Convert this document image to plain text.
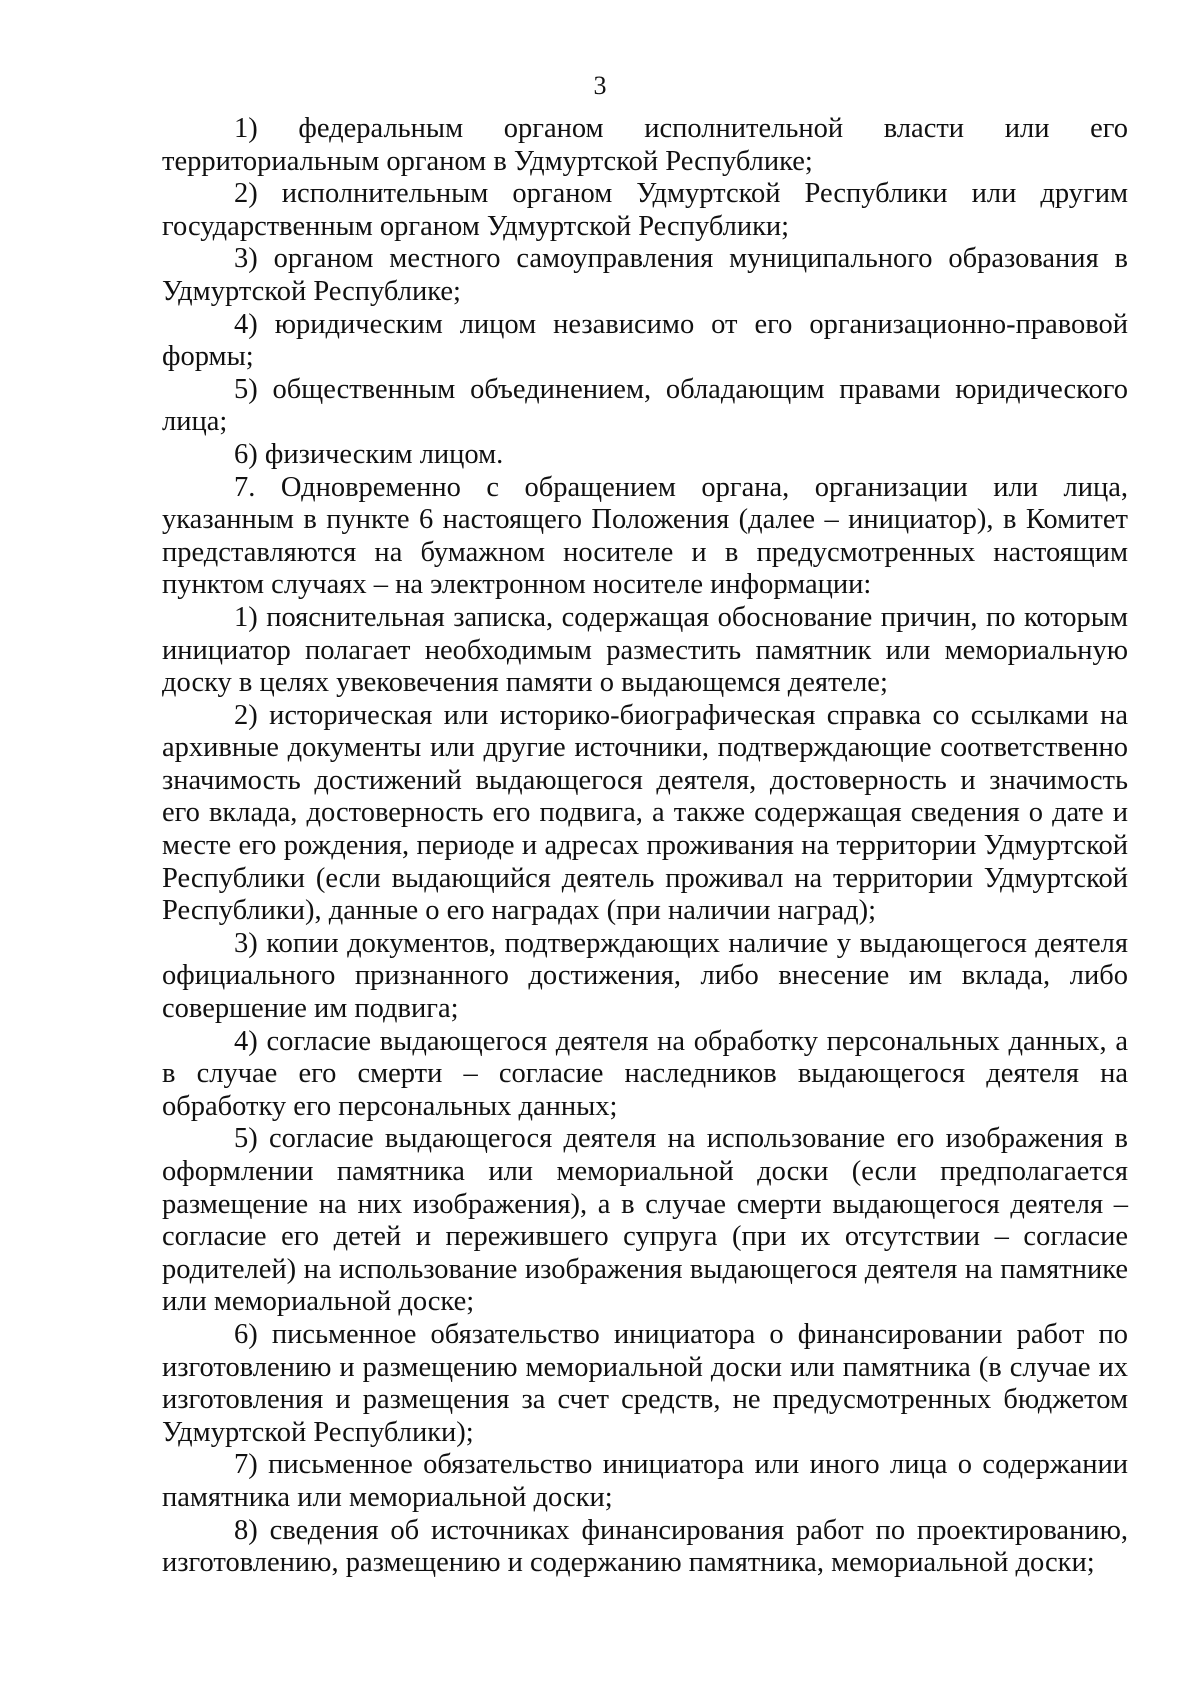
3

1) федеральным органом исполнительной власти или его территориальным органом в Удмуртской Республике;

2) исполнительным органом Удмуртской Республики или другим государственным органом Удмуртской Республики;

3) органом местного самоуправления муниципального образования в Удмуртской Республике;

4) юридическим лицом независимо от его организационно-правовой формы;

5) общественным объединением, обладающим правами юридического лица;

6) физическим лицом.

7. Одновременно с обращением органа, организации или лица, указанным в пункте 6 настоящего Положения (далее – инициатор), в Комитет представляются на бумажном носителе и в предусмотренных настоящим пунктом случаях – на электронном носителе информации:

1) пояснительная записка, содержащая обоснование причин, по которым инициатор полагает необходимым разместить памятник или мемориальную доску в целях увековечения памяти о выдающемся деятеле;

2) историческая или историко-биографическая справка со ссылками на архивные документы или другие источники, подтверждающие соответственно значимость достижений выдающегося деятеля, достоверность и значимость его вклада, достоверность его подвига, а также содержащая сведения о дате и месте его рождения, периоде и адресах проживания на территории Удмуртской Республики (если выдающийся деятель проживал на территории Удмуртской Республики), данные о его наградах (при наличии наград);

3) копии документов, подтверждающих наличие у выдающегося деятеля официального признанного достижения, либо внесение им вклада, либо совершение им подвига;

4) согласие выдающегося деятеля на обработку персональных данных, а в случае его смерти – согласие наследников выдающегося деятеля на обработку его персональных данных;

5) согласие выдающегося деятеля на использование его изображения в оформлении памятника или мемориальной доски (если предполагается размещение на них изображения), а в случае смерти выдающегося деятеля – согласие его детей и пережившего супруга (при их отсутствии – согласие родителей) на использование изображения выдающегося деятеля на памятнике или мемориальной доске;

6) письменное обязательство инициатора о финансировании работ по изготовлению и размещению мемориальной доски или памятника (в случае их изготовления и размещения за счет средств, не предусмотренных бюджетом Удмуртской Республики);

7) письменное обязательство инициатора или иного лица о содержании памятника или мемориальной доски;

8) сведения об источниках финансирования работ по проектированию, изготовлению, размещению и содержанию памятника, мемориальной доски;
